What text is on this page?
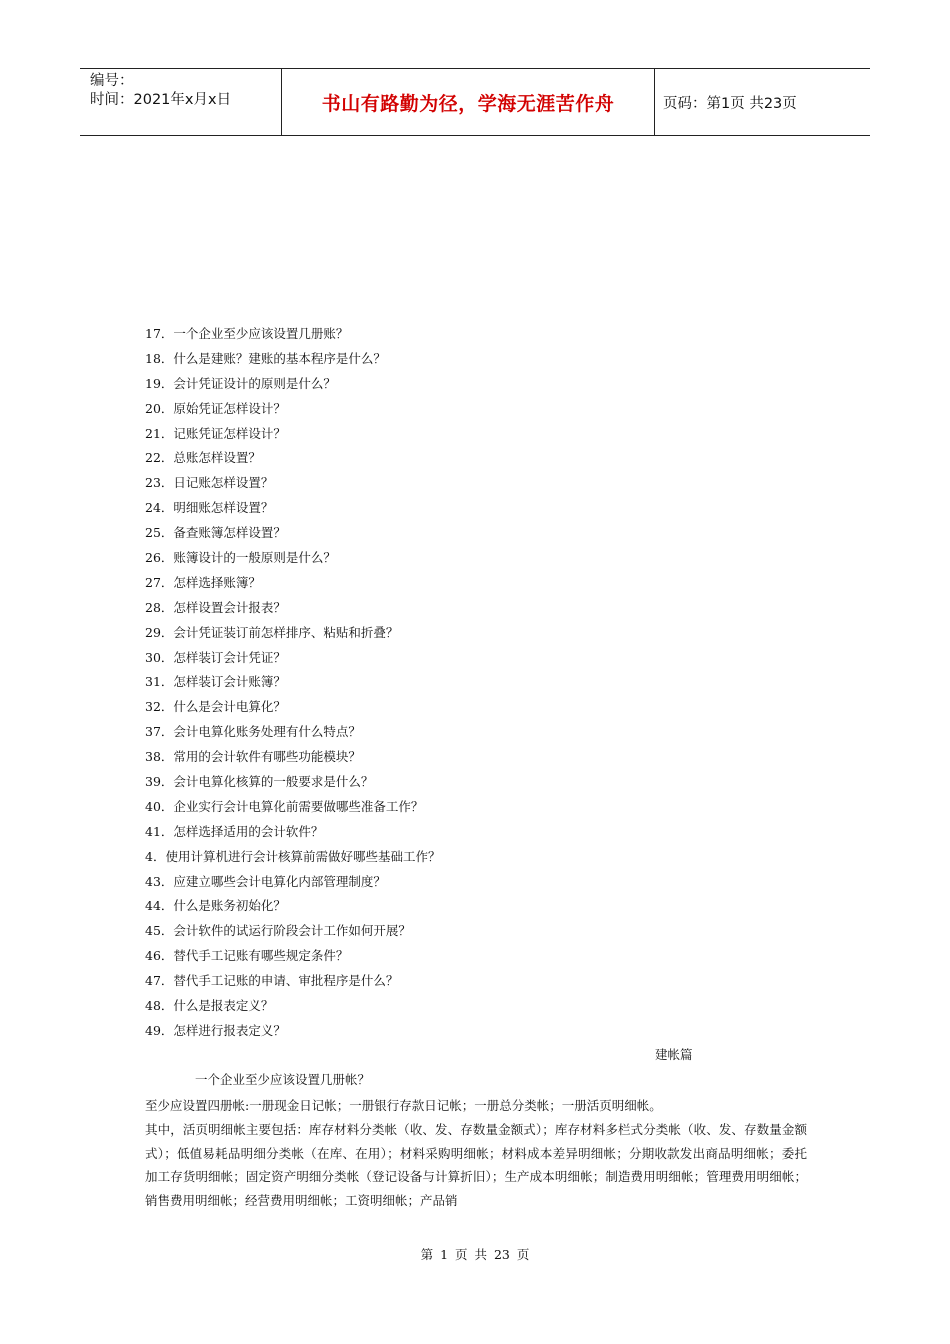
编号：
时间：2021年x月x日	书山有路勤为径，学海无涯苦作舟	页码：第1页 共23页
17．一个企业至少应该设置几册账？
18．什么是建账？建账的基本程序是什么？
19．会计凭证设计的原则是什么？
20．原始凭证怎样设计？
21．记账凭证怎样设计？
22．总账怎样设置？
23．日记账怎样设置？
24．明细账怎样设置？
25．备查账簿怎样设置？
26．账簿设计的一般原则是什么？
27．怎样选择账簿？
28．怎样设置会计报表？
29．会计凭证装订前怎样排序、粘贴和折叠？
30．怎样装订会计凭证？
31．怎样装订会计账簿？
32．什么是会计电算化？
37．会计电算化账务处理有什么特点？
38．常用的会计软件有哪些功能模块？
39．会计电算化核算的一般要求是什么？
40．企业实行会计电算化前需要做哪些准备工作？
41．怎样选择适用的会计软件？
4．使用计算机进行会计核算前需做好哪些基础工作？
43．应建立哪些会计电算化内部管理制度？
44．什么是账务初始化？
45．会计软件的试运行阶段会计工作如何开展？
46．替代手工记账有哪些规定条件？
47．替代手工记账的申请、审批程序是什么？
48．什么是报表定义？
49．怎样进行报表定义？
建帐篇
一个企业至少应该设置几册帐？

至少应设置四册帐:一册现金日记帐；一册银行存款日记帐；一册总分类帐；一册活页明细帐。

其中，活页明细帐主要包括：库存材料分类帐（收、发、存数量金额式）；库存材料多栏式分类帐（收、发、存数量金额式）；低值易耗品明细分类帐（在库、在用）；材料采购明细帐；材料成本差异明细帐；分期收款发出商品明细帐；委托加工存货明细帐；固定资产明细分类帐（登记设备与计算折旧）；生产成本明细帐；制造费用明细帐；管理费用明细帐；销售费用明细帐；经营费用明细帐；工资明细帐；产品销

第 1 页 共 23 页
